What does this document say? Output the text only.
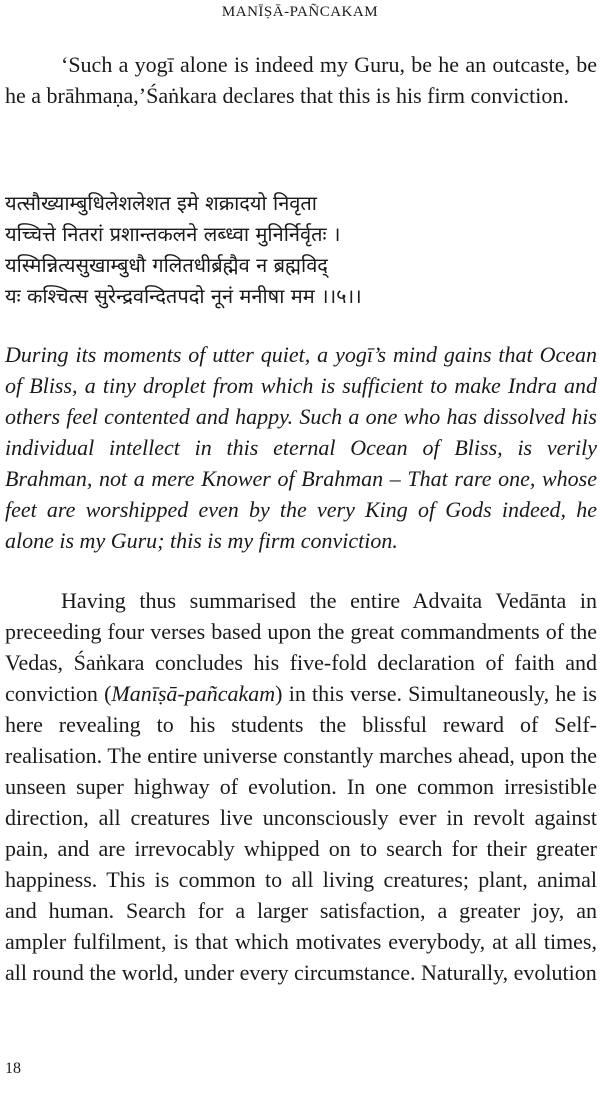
MANĪṢĀ-PAÑCAKAM

‘Such a yogī alone is indeed my Guru, be he an outcaste, be he a brāhmaṇa,’Śaṅkara declares that this is his firm conviction.

यत्सौख्याम्बुधिलेशलेशत इमे शक्रादयो निवृता
यच्चित्ते नितरां प्रशान्तकलने लब्ध्वा मुनिर्निर्वृतः ।
यस्मिन्नित्यसुखाम्बुधौ गलितधीर्ब्रह्मैव न ब्रह्मविद्
यः कश्चित्स सुरेन्द्रवन्दितपदो नूनं मनीषा मम ।।५।।

During its moments of utter quiet, a yogī’s mind gains that Ocean of Bliss, a tiny droplet from which is sufficient to make Indra and others feel contented and happy. Such a one who has dissolved his individual intellect in this eternal Ocean of Bliss, is verily Brahman, not a mere Knower of Brahman – That rare one, whose feet are worshipped even by the very King of Gods indeed, he alone is my Guru; this is my firm conviction.

Having thus summarised the entire Advaita Vedānta in preceeding four verses based upon the great commandments of the Vedas, Śaṅkara concludes his five-fold declaration of faith and conviction (Manīṣā-pañcakam) in this verse. Simultaneously, he is here revealing to his students the blissful reward of Self-realisation. The entire universe constantly marches ahead, upon the unseen super highway of evolution. In one common irresistible direction, all creatures live unconsciously ever in revolt against pain, and are irrevocably whipped on to search for their greater happiness. This is common to all living creatures; plant, animal and human. Search for a larger satisfaction, a greater joy, an ampler fulfilment, is that which motivates everybody, at all times, all round the world, under every circumstance. Naturally, evolution

18
